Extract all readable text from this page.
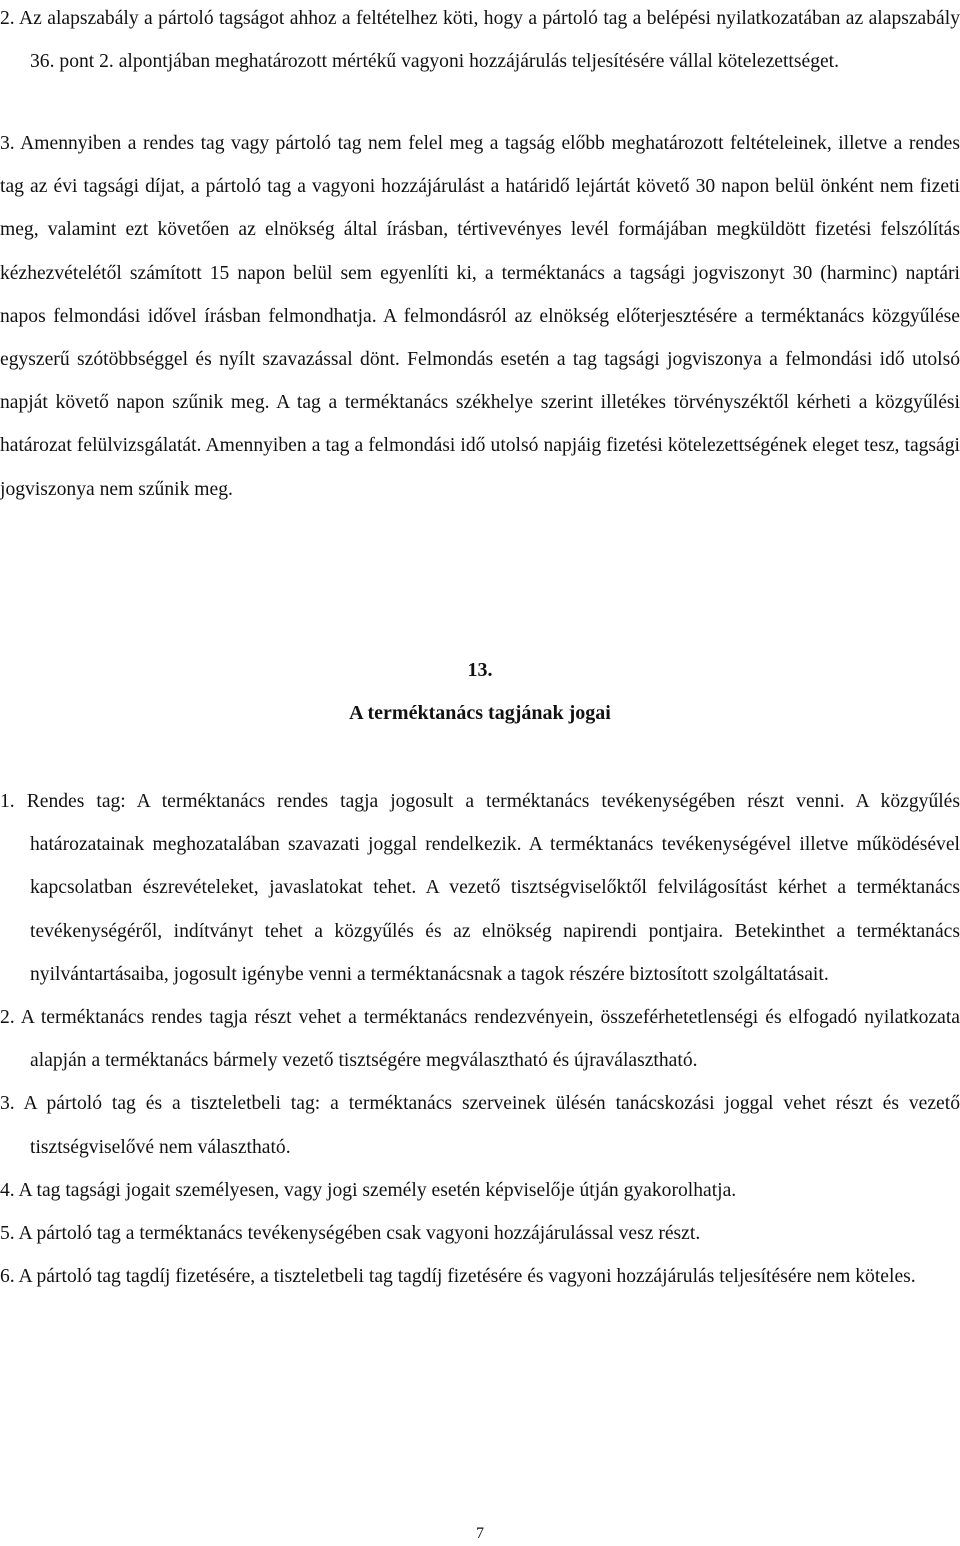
2. Az alapszabály a pártoló tagságot ahhoz a feltételhez köti, hogy a pártoló tag a belépési nyilatkozatában az alapszabály 36. pont 2. alpontjában meghatározott mértékű vagyoni hozzájárulás teljesítésére vállal kötelezettséget.

3. Amennyiben a rendes tag vagy pártoló tag nem felel meg a tagság előbb meghatározott feltételeinek, illetve a rendes tag az évi tagsági díjat, a pártoló tag a vagyoni hozzájárulást a határidő lejártát követő 30 napon belül önként nem fizeti meg, valamint ezt követően az elnökség által írásban, tértivevényes levél formájában megküldött fizetési felszólítás kézhezvételétől számított 15 napon belül sem egyenlíti ki, a terméktanács a tagsági jogviszonyt 30 (harminc) naptári napos felmondási idővel írásban felmondhatja. A felmondásról az elnökség előterjesztésére a terméktanács közgyűlése egyszerű szótöbbséggel és nyílt szavazással dönt. Felmondás esetén a tag tagsági jogviszonya a felmondási idő utolsó napját követő napon szűnik meg. A tag a terméktanács székhelye szerint illetékes törvényszéktől kérheti a közgyűlési határozat felülvizsgálatát. Amennyiben a tag a felmondási idő utolsó napjáig fizetési kötelezettségének eleget tesz, tagsági jogviszonya nem szűnik meg.

13.
A terméktanács tagjának jogai

1. Rendes tag: A terméktanács rendes tagja jogosult a terméktanács tevékenységében részt venni. A közgyűlés határozatainak meghozatalában szavazati joggal rendelkezik. A terméktanács tevékenységével illetve működésével kapcsolatban észrevételeket, javaslatokat tehet. A vezető tisztségviselőktől felvilágosítást kérhet a terméktanács tevékenységéről, indítványt tehet a közgyűlés és az elnökség napirendi pontjaira. Betekinthet a terméktanács nyilvántartásaiba, jogosult igénybe venni a terméktanácsnak a tagok részére biztosított szolgáltatásait.

2. A terméktanács rendes tagja részt vehet a terméktanács rendezvényein, összeférhetetlenségi és elfogadó nyilatkozata alapján a terméktanács bármely vezető tisztségére megválasztható és újraválasztható.

3. A pártoló tag és a tiszteletbeli tag: a terméktanács szerveinek ülésén tanácskozási joggal vehet részt és vezető tisztségviselővé nem választható.

4. A tag tagsági jogait személyesen, vagy jogi személy esetén képviselője útján gyakorolhatja.

5. A pártoló tag a terméktanács tevékenységében csak vagyoni hozzájárulással vesz részt.

6. A pártoló tag tagdíj fizetésére, a tiszteletbeli tag tagdíj fizetésére és vagyoni hozzájárulás teljesítésére nem köteles.

7
